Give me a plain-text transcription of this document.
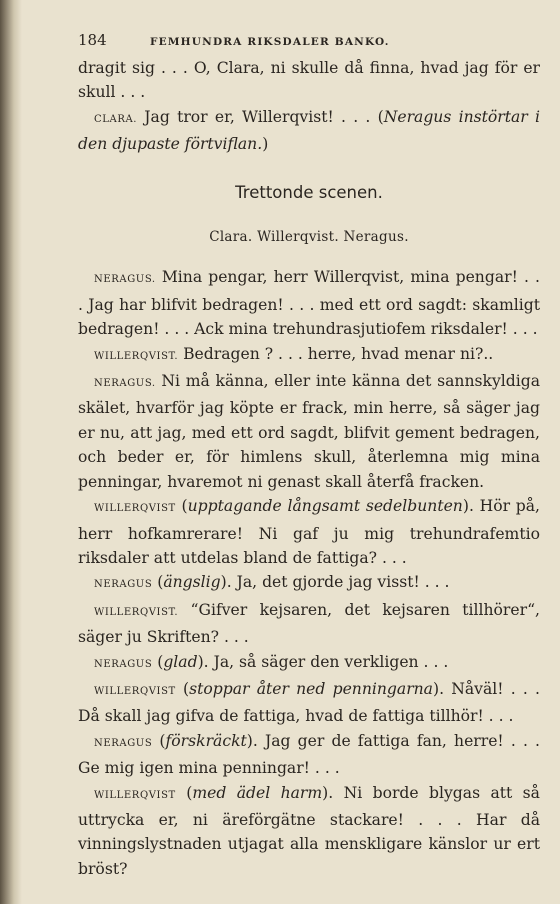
184	FEMHUNDRA RIKSDALER BANKO.

dragit sig . . . O, Clara, ni skulle då finna, hvad jag för er skull . . .

CLARA. Jag tror er, Willerqvist! . . . (Neragus instörtar i den djupaste förtviflan.)

Trettonde scenen.
Clara. Willerqvist. Neragus.

NERAGUS. Mina pengar, herr Willerqvist, mina pengar! . . . Jag har blifvit bedragen! . . . med ett ord sagdt: skamligt bedragen! . . . Ack mina trehundrasjutiofem riksdaler! . . .

WILLERQVIST. Bedragen ? . . . herre, hvad menar ni?..

NERAGUS. Ni må känna, eller inte känna det sannskyldiga skälet, hvarför jag köpte er frack, min herre, så säger jag er nu, att jag, med ett ord sagdt, blifvit gement bedragen, och beder er, för himlens skull, återlemna mig mina penningar, hvaremot ni genast skall återfå fracken.

WILLERQVIST (upptagande långsamt sedelbunten). Hör på, herr hofkamrerare! Ni gaf ju mig trehundrafemtio riksdaler att utdelas bland de fattiga? . . .

NERAGUS (ängslig). Ja, det gjorde jag visst! . . .

WILLERQVIST. “Gifver kejsaren, det kejsaren tillhörer“, säger ju Skriften? . . .

NERAGUS (glad). Ja, så säger den verkligen . . .

WILLERQVIST (stoppar åter ned penningarna). Nåväl! . . . Då skall jag gifva de fattiga, hvad de fattiga tillhör! . . .

NERAGUS (förskräckt). Jag ger de fattiga fan, herre! . . . Ge mig igen mina penningar! . . .

WILLERQVIST (med ädel harm). Ni borde blygas att så uttrycka er, ni äreförgätne stackare! . . . Har då vinningslystnaden utjagat alla menskligare känslor ur ert bröst?
